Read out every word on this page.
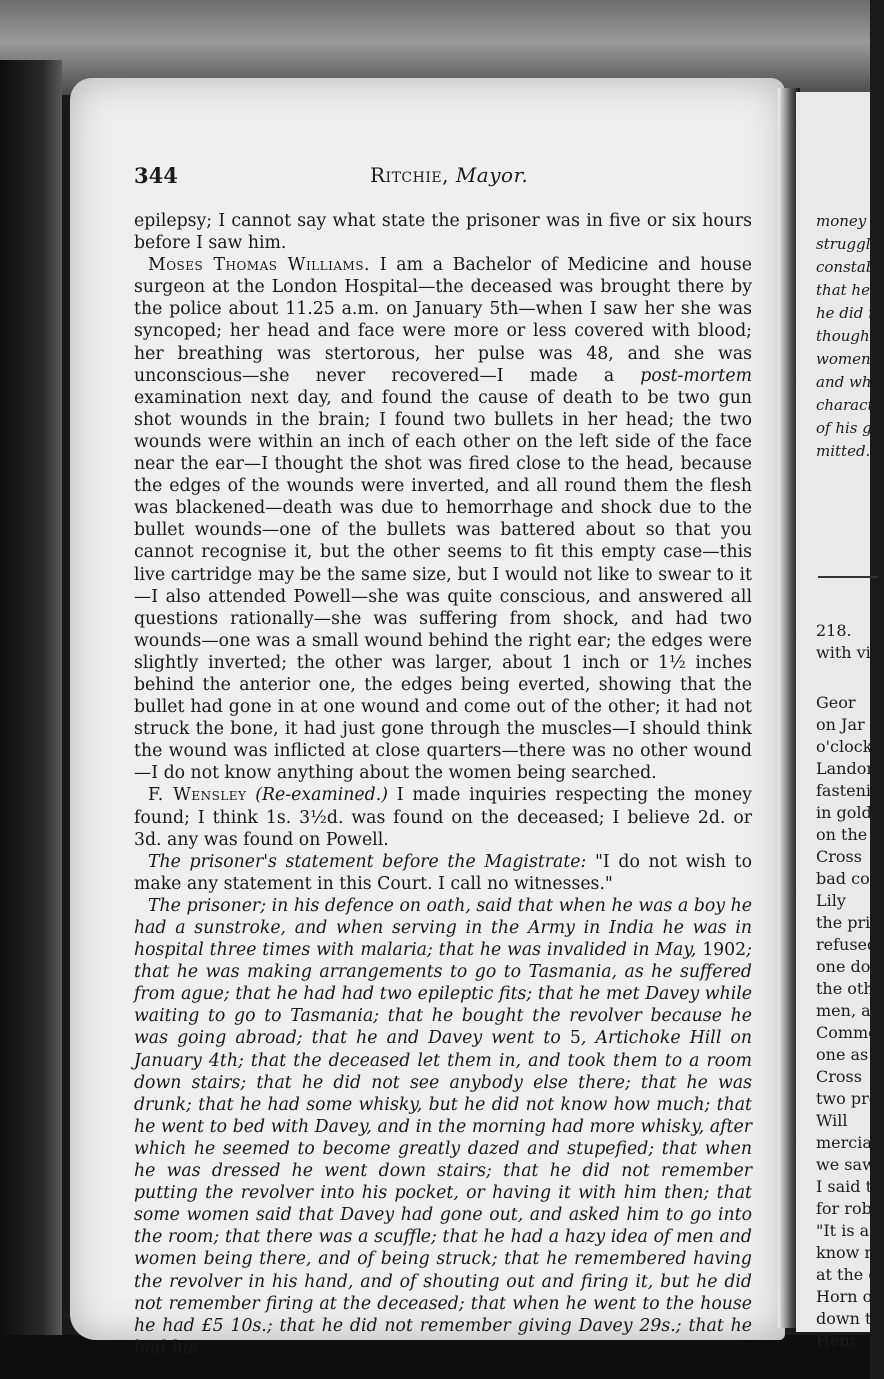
344	Ritchie, Mayor.

epilepsy; I cannot say what state the prisoner was in five or six hours before I saw him.

Moses Thomas Williams. I am a Bachelor of Medicine and house surgeon at the London Hospital—the deceased was brought there by the police about 11.25 a.m. on January 5th—when I saw her she was syncoped; her head and face were more or less covered with blood; her breathing was stertorous, her pulse was 48, and she was unconscious—she never recovered—I made a post-mortem examination next day, and found the cause of death to be two gun shot wounds in the brain; I found two bullets in her head; the two wounds were within an inch of each other on the left side of the face near the ear—I thought the shot was fired close to the head, because the edges of the wounds were inverted, and all round them the flesh was blackened—death was due to hemorrhage and shock due to the bullet wounds—one of the bullets was battered about so that you cannot recognise it, but the other seems to fit this empty case—this live cartridge may be the same size, but I would not like to swear to it—I also attended Powell—she was quite conscious, and answered all questions rationally—she was suffering from shock, and had two wounds—one was a small wound behind the right ear; the edges were slightly inverted; the other was larger, about 1 inch or 1½ inches behind the anterior one, the edges being everted, showing that the bullet had gone in at one wound and come out of the other; it had not struck the bone, it had just gone through the muscles—I should think the wound was inflicted at close quarters—there was no other wound—I do not know anything about the women being searched.

F. Wensley (Re-examined.) I made inquiries respecting the money found; I think 1s. 3½d. was found on the deceased; I believe 2d. or 3d. any was found on Powell.

The prisoner's statement before the Magistrate: "I do not wish to make any statement in this Court. I call no witnesses."

The prisoner; in his defence on oath, said that when he was a boy he had a sunstroke, and when serving in the Army in India he was in hospital three times with malaria; that he was invalided in May, 1902; that he was making arrangements to go to Tasmania, as he suffered from ague; that he had had two epileptic fits; that he met Davey while waiting to go to Tasmania; that he bought the revolver because he was going abroad; that he and Davey went to 5, Artichoke Hill on January 4th; that the deceased let them in, and took them to a room down stairs; that he did not see anybody else there; that he was drunk; that he had some whisky, but he did not know how much; that he went to bed with Davey, and in the morning had more whisky, after which he seemed to become greatly dazed and stupefied; that when he was dressed he went down stairs; that he did not remember putting the revolver into his pocket, or having it with him then; that some women said that Davey had gone out, and asked him to go into the room; that there was a scuffle; that he had a hazy idea of men and women being there, and of being struck; that he remembered having the revolver in his hand, and of shouting out and firing it, but he did not remember firing at the deceased; that when he went to the house he had £5 10s.; that he did not remember giving Davey 29s.; that he had his

money
struggli
constab
that he
he did r
thought
women
and wh
characte
of his g
mitted.
218.
with vi
Geor
on Jar
o'clock-
Landon
fastenin
in gold
on the 1
Cross
bad cor
Lily
the pris
refused
one doo
the oth
men, ar
Comme
one as
Cross
two pre
Will
mercial
we saw
I said t
for robl
"It is a
know no
at the c
Horn o
down th
Henr
